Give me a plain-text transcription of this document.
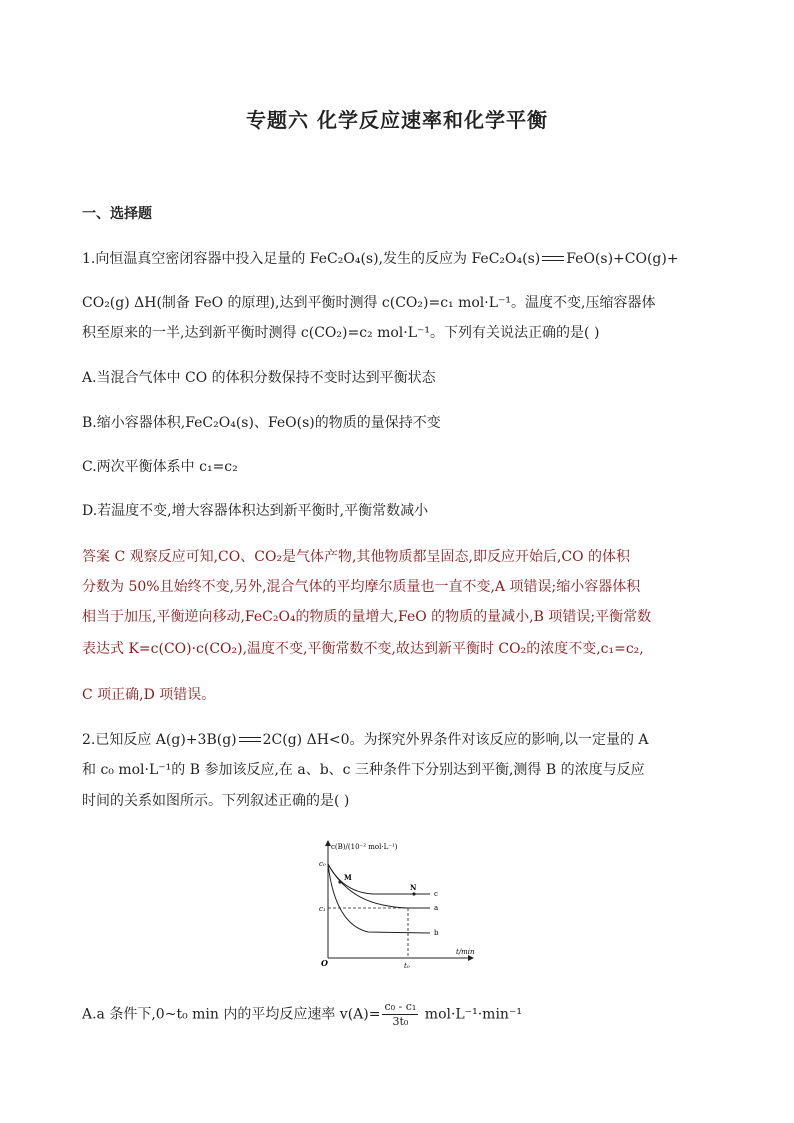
专题六 化学反应速率和化学平衡
一、选择题
1.向恒温真空密闭容器中投入足量的 FeC₂O₄(s),发生的反应为 FeC₂O₄(s) FeO(s)+CO(g)+
CO₂(g) ΔH(制备 FeO 的原理),达到平衡时测得 c(CO₂)=c₁ mol·L⁻¹。温度不变,压缩容器体
积至原来的一半,达到新平衡时测得 c(CO₂)=c₂ mol·L⁻¹。下列有关说法正确的是( )
A.当混合气体中 CO 的体积分数保持不变时达到平衡状态
B.缩小容器体积,FeC₂O₄(s)、FeO(s)的物质的量保持不变
C.两次平衡体系中 c₁=c₂
D.若温度不变,增大容器体积达到新平衡时,平衡常数减小
答案 C 观察反应可知,CO、CO₂是气体产物,其他物质都呈固态,即反应开始后,CO 的体积
分数为 50%且始终不变,另外,混合气体的平均摩尔质量也一直不变,A 项错误;缩小容器体积
相当于加压,平衡逆向移动,FeC₂O₄的物质的量增大,FeO 的物质的量减小,B 项错误;平衡常数
表达式 K=c(CO)·c(CO₂),温度不变,平衡常数不变,故达到新平衡时 CO₂的浓度不变,c₁=c₂,
C 项正确,D 项错误。
2.已知反应 A(g)+3B(g) 2C(g) ΔH<0。为探究外界条件对该反应的影响,以一定量的 A
和 c₀ mol·L⁻¹的 B 参加该反应,在 a、b、c 三种条件下分别达到平衡,测得 B 的浓度与反应
时间的关系如图所示。下列叙述正确的是( )
c(B)/(10⁻² mol·L⁻¹)
t/min
O
c₀
c₁
t₀
M
N
c
a
b
A.a 条件下,0~t₀ min 内的平均反应速率 $v(A)= \frac{\text{c₀ - c₁}}{\text{3t₀}} mol\cdot L^{-1}\cdot\min^{-1}$
